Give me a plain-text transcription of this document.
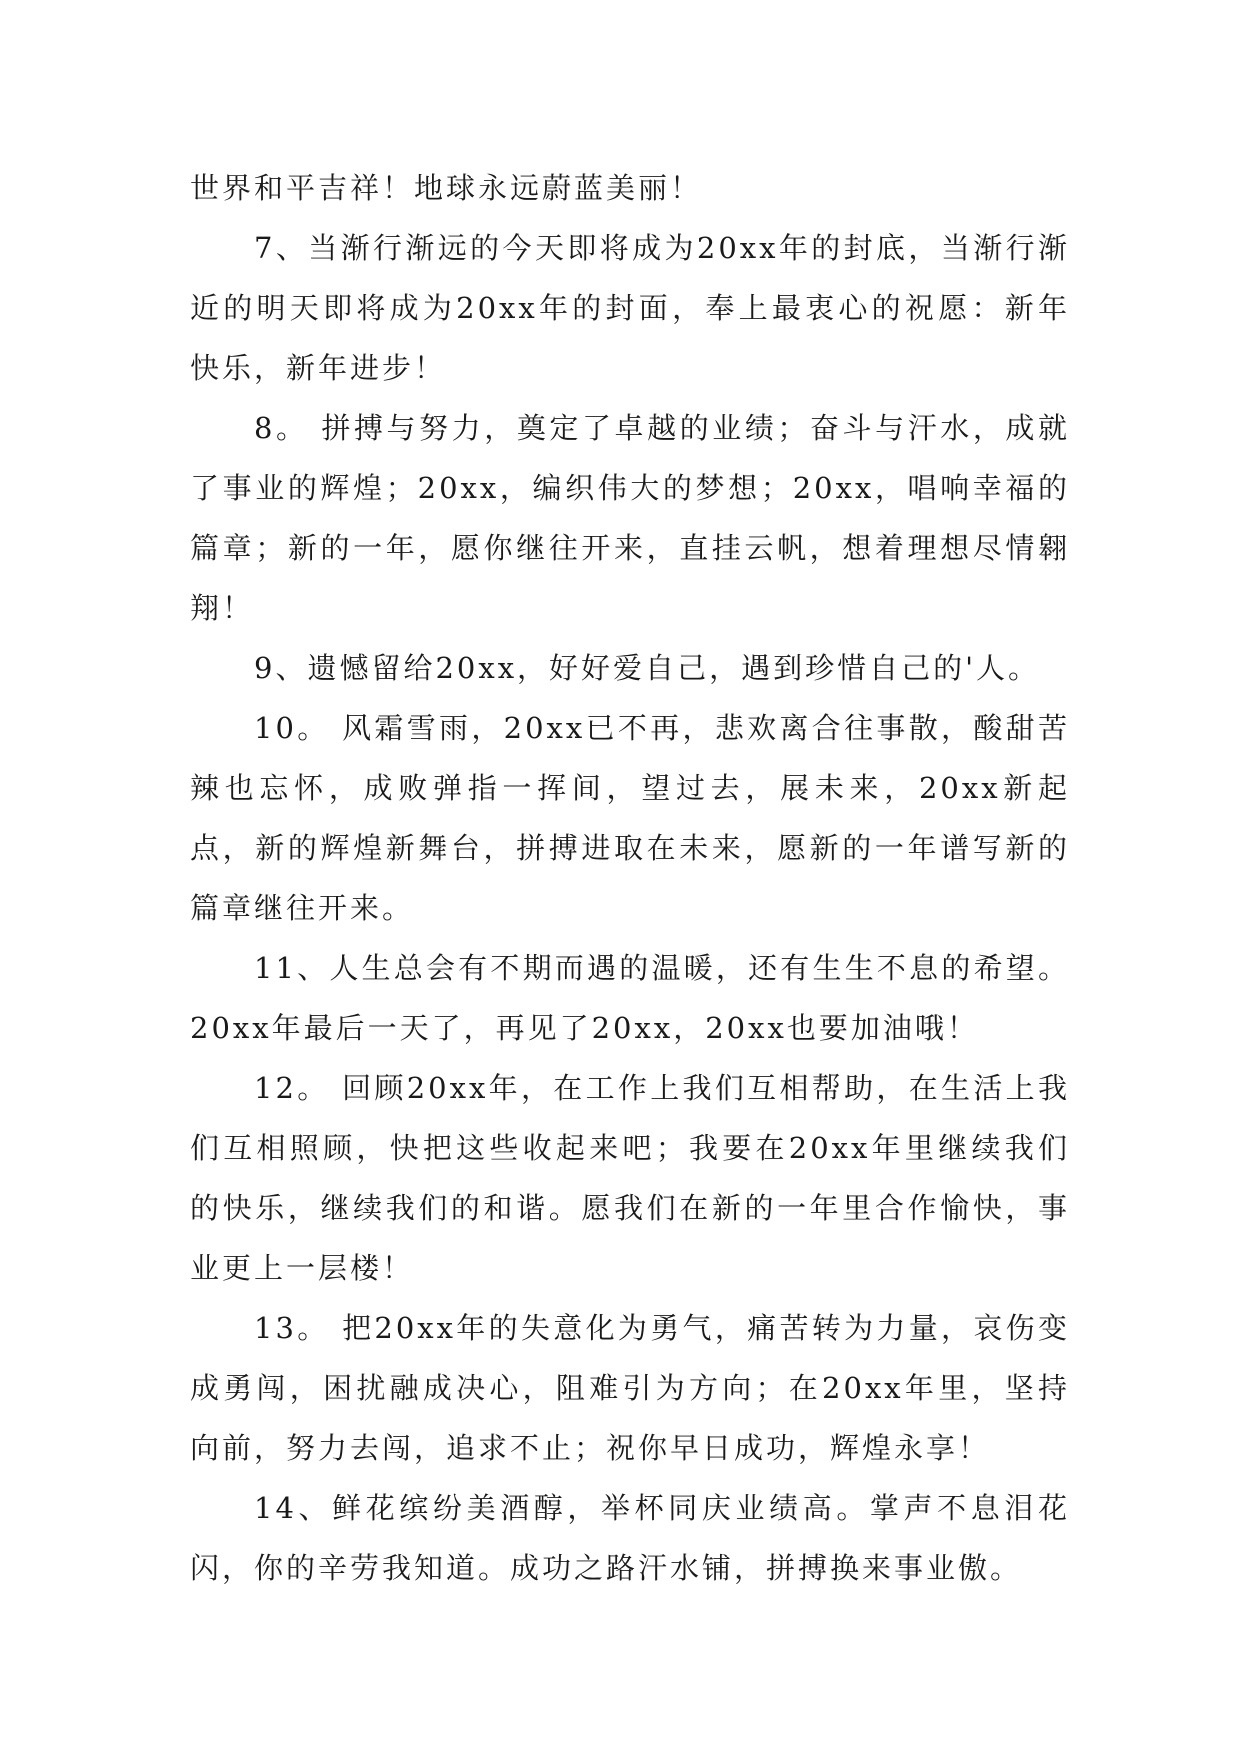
世界和平吉祥！地球永远蔚蓝美丽！

7、当渐行渐远的今天即将成为20xx年的封底，当渐行渐近的明天即将成为20xx年的封面，奉上最衷心的祝愿：新年快乐，新年进步！

8。 拼搏与努力，奠定了卓越的业绩；奋斗与汗水，成就了事业的辉煌；20xx，编织伟大的梦想；20xx，唱响幸福的篇章；新的一年，愿你继往开来，直挂云帆，想着理想尽情翱翔！

9、遗憾留给20xx，好好爱自己，遇到珍惜自己的'人。

10。 风霜雪雨，20xx已不再，悲欢离合往事散，酸甜苦辣也忘怀，成败弹指一挥间，望过去，展未来，20xx新起点，新的辉煌新舞台，拼搏进取在未来，愿新的一年谱写新的篇章继往开来。

11、人生总会有不期而遇的温暖，还有生生不息的希望。20xx年最后一天了，再见了20xx，20xx也要加油哦！

12。 回顾20xx年，在工作上我们互相帮助，在生活上我们互相照顾，快把这些收起来吧；我要在20xx年里继续我们的快乐，继续我们的和谐。愿我们在新的一年里合作愉快，事业更上一层楼！

13。 把20xx年的失意化为勇气，痛苦转为力量，哀伤变成勇闯，困扰融成决心，阻难引为方向；在20xx年里，坚持向前，努力去闯，追求不止；祝你早日成功，辉煌永享！

14、鲜花缤纷美酒醇，举杯同庆业绩高。掌声不息泪花闪，你的辛劳我知道。成功之路汗水铺，拼搏换来事业傲。
